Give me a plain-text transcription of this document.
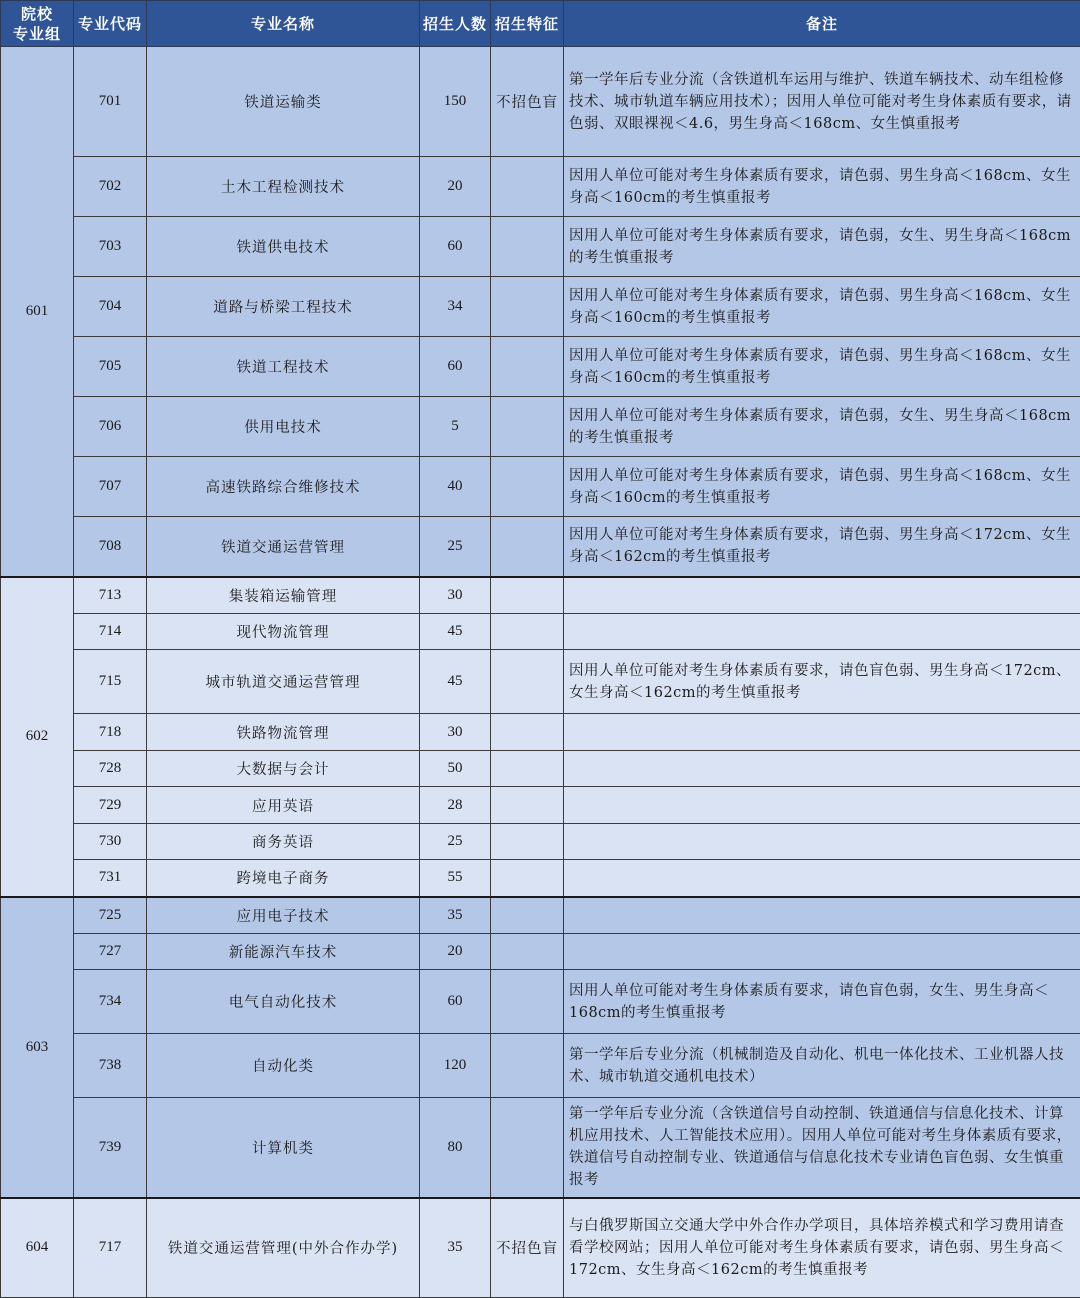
院校
专业组	专业代码	专业名称	招生人数	招生特征	备注
601	701	铁道运输类	150	不招色盲	第一学年后专业分流（含铁道机车运用与维护、铁道车辆技术、动车组检修技术、城市轨道车辆应用技术）；因用人单位可能对考生身体素质有要求，请色弱、双眼裸视＜4.6，男生身高＜168cm、女生慎重报考
	702	土木工程检测技术	20		因用人单位可能对考生身体素质有要求，请色弱、男生身高＜168cm、女生身高＜160cm的考生慎重报考
	703	铁道供电技术	60		因用人单位可能对考生身体素质有要求，请色弱，女生、男生身高＜168cm的考生慎重报考
	704	道路与桥梁工程技术	34		因用人单位可能对考生身体素质有要求，请色弱、男生身高＜168cm、女生身高＜160cm的考生慎重报考
	705	铁道工程技术	60		因用人单位可能对考生身体素质有要求，请色弱、男生身高＜168cm、女生身高＜160cm的考生慎重报考
	706	供用电技术	5		因用人单位可能对考生身体素质有要求，请色弱，女生、男生身高＜168cm的考生慎重报考
	707	高速铁路综合维修技术	40		因用人单位可能对考生身体素质有要求，请色弱、男生身高＜168cm、女生身高＜160cm的考生慎重报考
	708	铁道交通运营管理	25		因用人单位可能对考生身体素质有要求，请色弱、男生身高＜172cm、女生身高＜162cm的考生慎重报考
602	713	集装箱运输管理	30		
	714	现代物流管理	45		
	715	城市轨道交通运营管理	45		因用人单位可能对考生身体素质有要求，请色盲色弱、男生身高＜172cm、女生身高＜162cm的考生慎重报考
	718	铁路物流管理	30		
	728	大数据与会计	50		
	729	应用英语	28		
	730	商务英语	25		
	731	跨境电子商务	55		
603	725	应用电子技术	35		
	727	新能源汽车技术	20		
	734	电气自动化技术	60		因用人单位可能对考生身体素质有要求，请色盲色弱，女生、男生身高＜168cm的考生慎重报考
	738	自动化类	120		第一学年后专业分流（机械制造及自动化、机电一体化技术、工业机器人技术、城市轨道交通机电技术）
	739	计算机类	80		第一学年后专业分流（含铁道信号自动控制、铁道通信与信息化技术、计算机应用技术、人工智能技术应用）。因用人单位可能对考生身体素质有要求，铁道信号自动控制专业、铁道通信与信息化技术专业请色盲色弱、女生慎重报考
604	717	铁道交通运营管理(中外合作办学)	35	不招色盲	与白俄罗斯国立交通大学中外合作办学项目，具体培养模式和学习费用请查看学校网站；因用人单位可能对考生身体素质有要求，请色弱、男生身高＜172cm、女生身高＜162cm的考生慎重报考
